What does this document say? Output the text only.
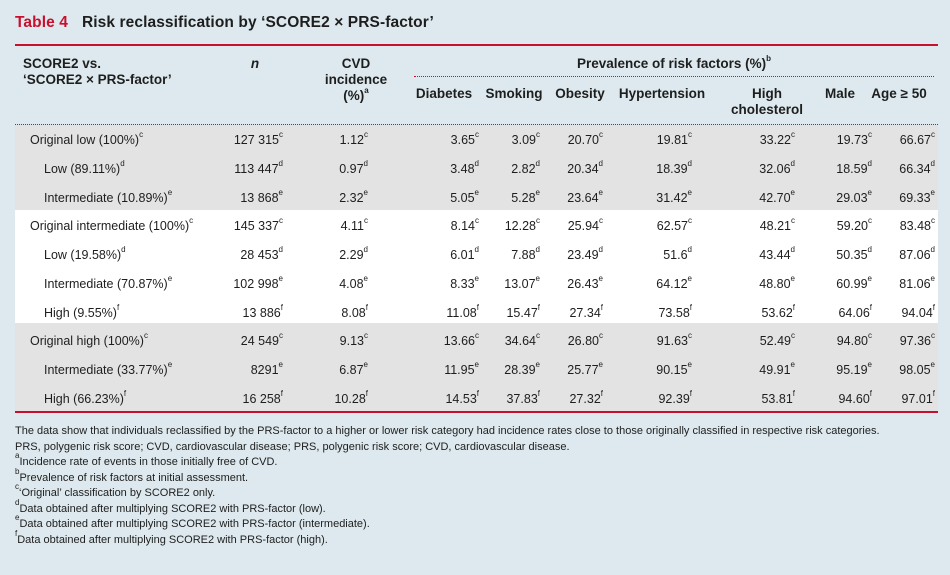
Table 4 Risk reclassification by ‘SCORE2 × PRS-factor’
SCORE2 vs.
‘SCORE2 × PRS-factor’
n	CVD
incidence
(%)$^a$
Prevalence of risk factors (%)$^b$
Diabetes Smoking Obesity	Hypertension	High
cholesterol
Male	Age ≥ 50
Original low $(100\%)^c$	127 315$^c$	1.12$^c$	3.65$^c$	3.09$^c$ 20.70$^c$	19.81$^c$	33.22$^c$	19.73$^c$ 66.67$^c$
Low $(89.11\%)^d$	113 447$^d$	0.97$^d$	3.48$^d$	2.82$^d$ 20.34$^d$	18.39$^d$	32.06$^d$	18.59$^d$ 66.34$^d$
Intermediate $(10.89\%)^e$	13 868e	2.32e	5.05e	5.28e 23.64e	31.42e	42.70e	29.03e 69.33e
Original intermediate $(100\%)^c$	145 337$^c$	4.11$^c$	8.14$^c$ 12.28$^c$ 25.94$^c$	62.57$^c$	48.21$^c$	59.20$^c$ 83.48$^c$
Low $(19.58\%)^d$	28 453$^d$	2.29$^d$	6.01$^d$	7.88$^d$ 23.49$^d$	51.6$^d$	43.44$^d$	50.35$^d$ 87.06$^d$
Intermediate $(70.87\%)^e$	102 998e	4.08e	8.33e 13.07e 26.43e	64.12e	48.80e	60.99e 81.06e
High $(9.55\%)^f$	13 886$^f$	8.08$^f$	11.08$^f$ 15.47$^f$ 27.34$^f$	73.58$^f$	53.62$^f$	64.06$^f$ 94.04$^f$
Original high $(100\%)^c$	24 549$^c$	9.13$^c$	13.66$^c$ 34.64$^c$ 26.80$^c$	91.63$^c$	52.49$^c$	94.80$^c$ 97.36$^c$
Intermediate $(33.77\%)^e$	8291e	6.87e	11.95e 28.39e 25.77e	90.15e	49.91e	95.19e 98.05e
High $(66.23\%)^f$	16 258$^f$	10.28$^f$	14.53$^f$ 37.83$^f$ 27.32$^f$	92.39$^f$	53.81$^f$	94.60$^f$ 97.01$^f$
The data show that individuals reclassified by the PRS-factor to a higher or lower risk category had incidence rates close to those originally classified in respective risk categories.
PRS, polygenic risk score; CVD, cardiovascular disease; PRS, polygenic risk score; CVD, cardiovascular disease.
$^a$Incidence rate of events in those initially free of CVD.
$^b$Prevalence of risk factors at initial assessment.
$^c$‘Original’ classification by SCORE2 only.
$^d$Data obtained after multiplying SCORE2 with PRS-factor (low).
$^e$Data obtained after multiplying SCORE2 with PRS-factor (intermediate).
$^f$Data obtained after multiplying SCORE2 with PRS-factor (high).
